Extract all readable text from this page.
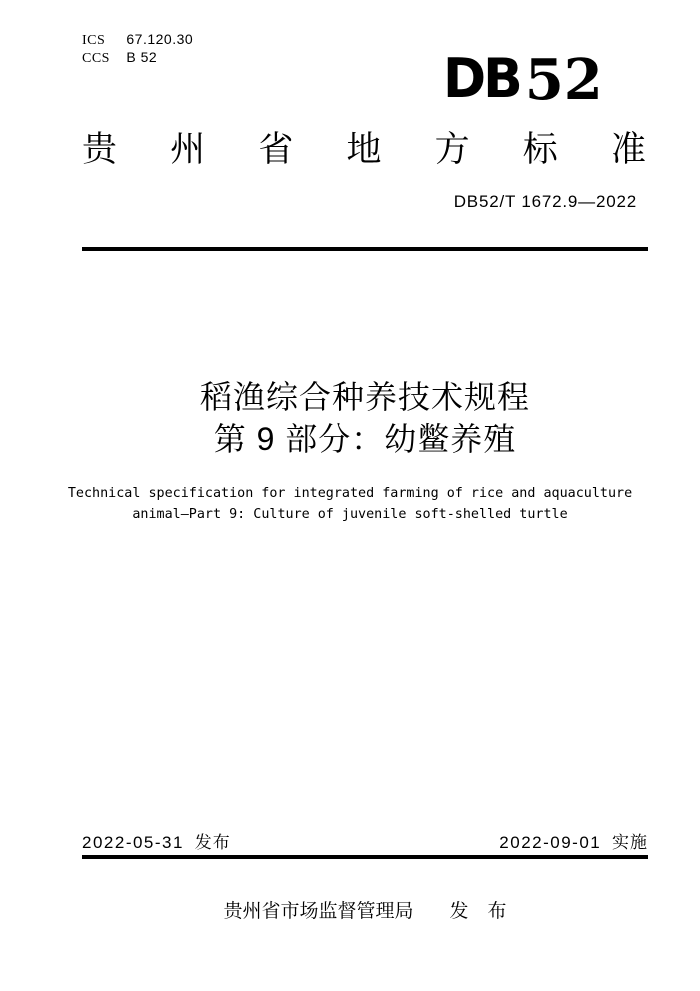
ICS 67.120.30
CCS B 52	DB 52
贵 州 省 地 方 标 准
DB52/T 1672.9—2022
稻渔综合种养技术规程
第 9 部分：幼鳖养殖
Technical specification for integrated farming of rice and aquaculture
animal—Part 9: Culture of juvenile soft-shelled turtle
2022-05-31 发布	2022-09-01 实施
贵州省市场监督管理局 发　布
